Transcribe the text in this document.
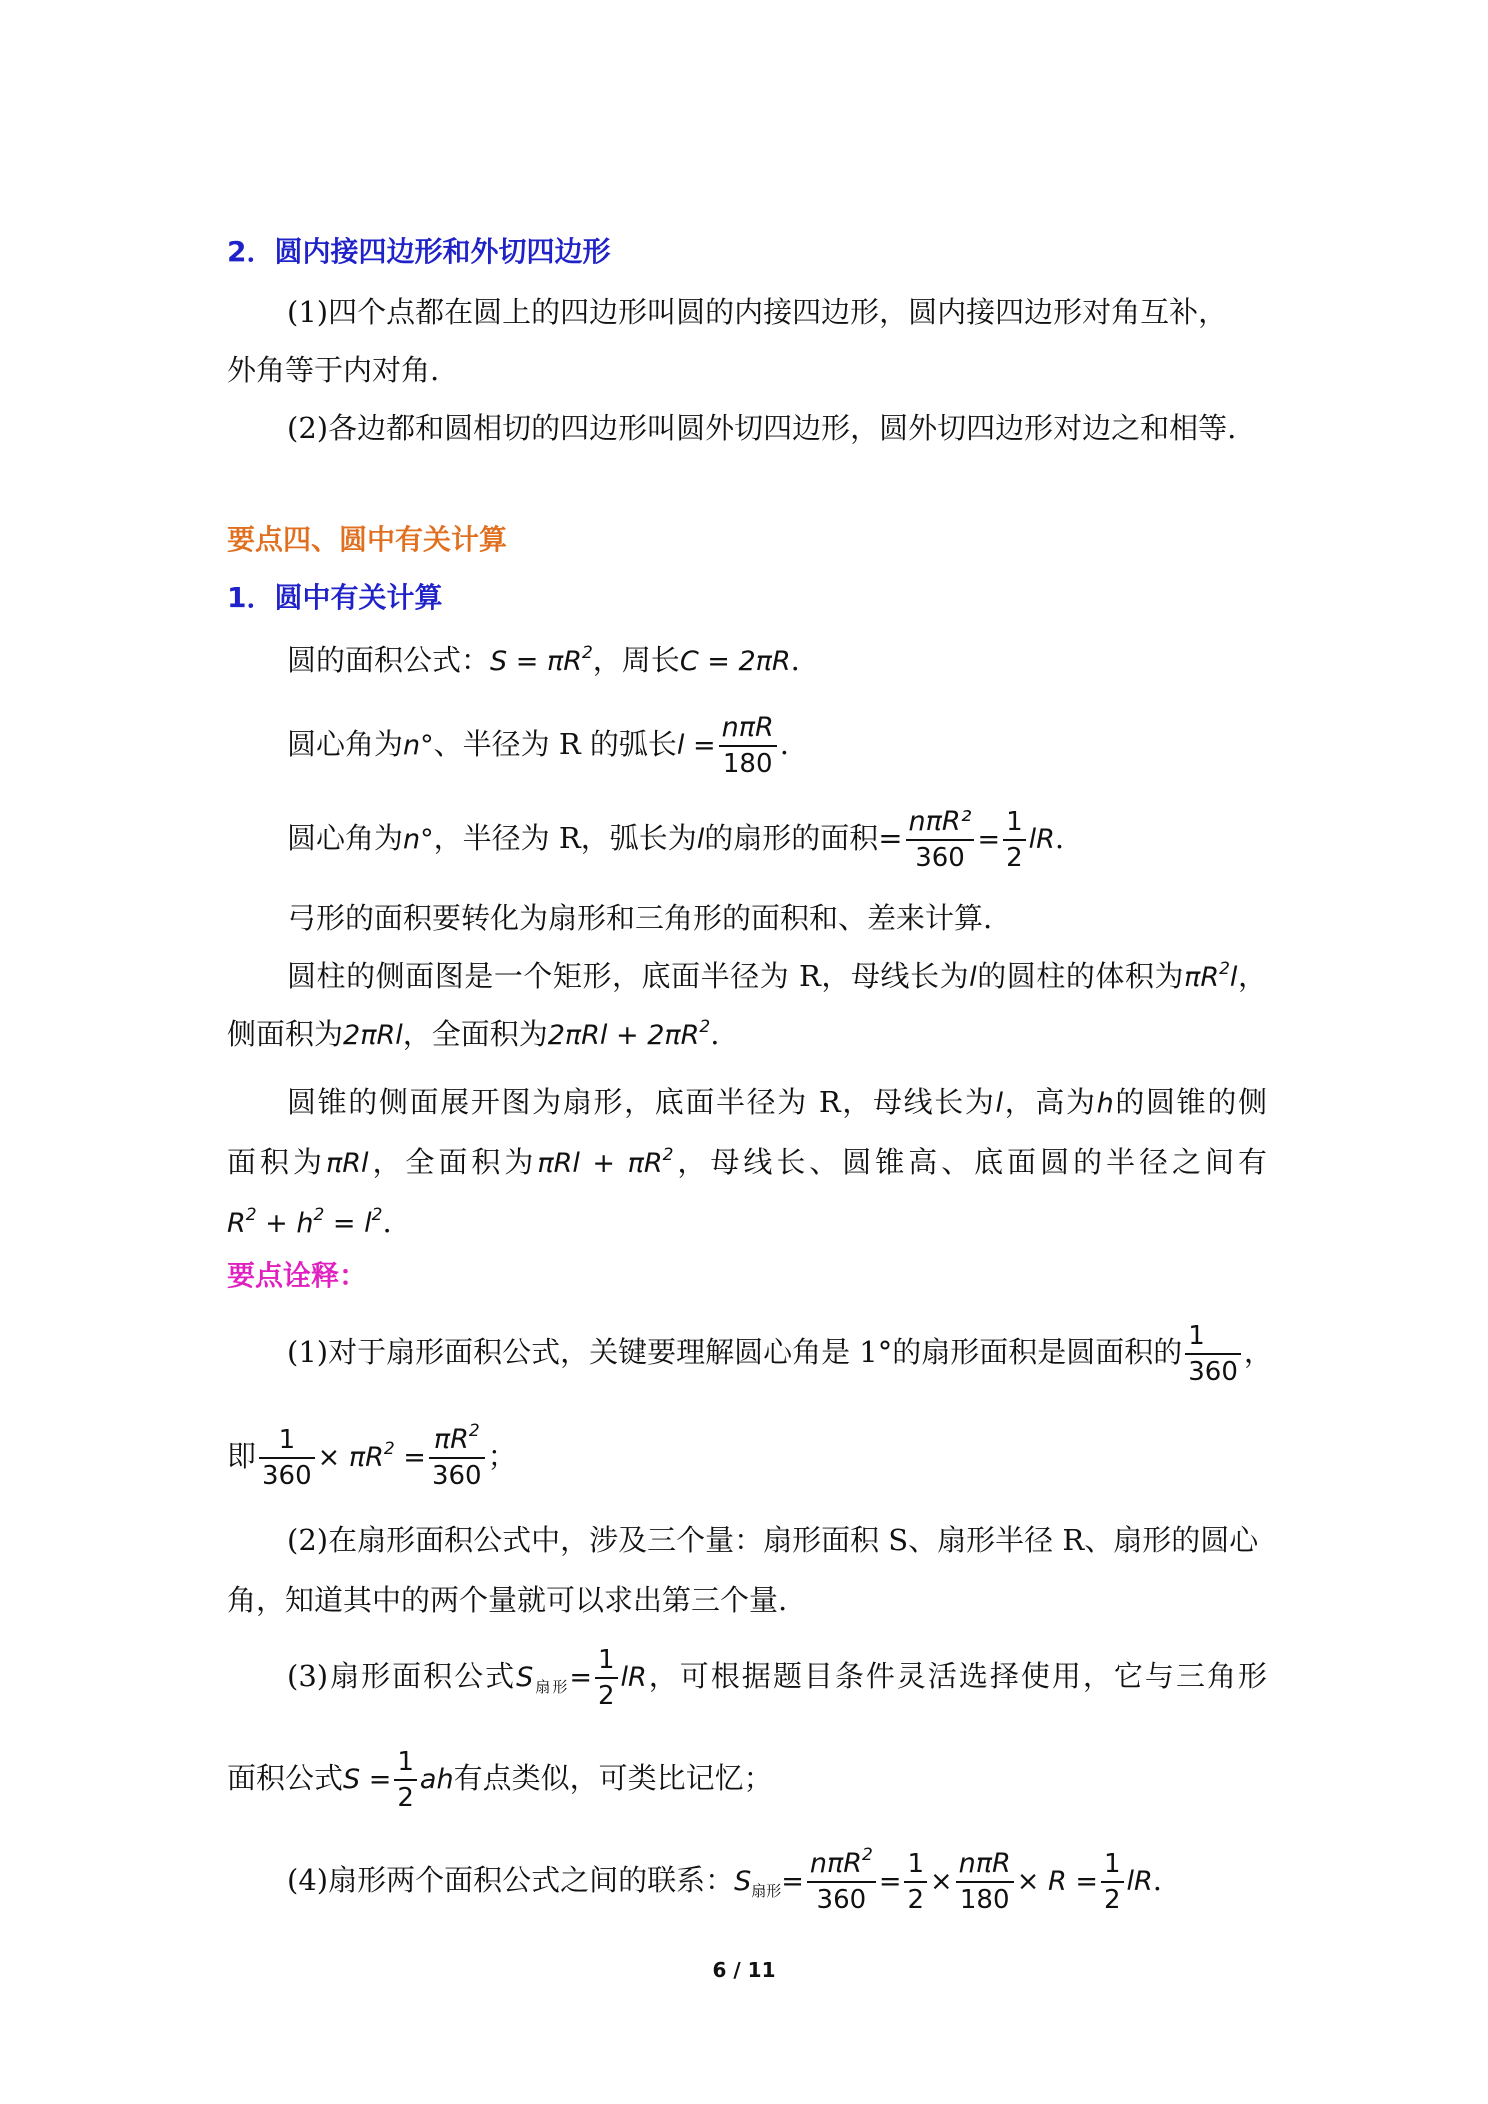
2．圆内接四边形和外切四边形
(1)四个点都在圆上的四边形叫圆的内接四边形，圆内接四边形对角互补，
外角等于内对角.
(2)各边都和圆相切的四边形叫圆外切四边形，圆外切四边形对边之和相等.
要点四、圆中有关计算
1．圆中有关计算
圆的面积公式：$S = \pi R^2$，周长C = 2πR.
圆心角为n°、半径为 R 的弧长$l = \frac{\text{nπR}}{180}$ .
圆心角为n°，半径为 R，弧长为l的扇形的面积= $\frac{\text{nπR²}}{360} = \frac{1}{2}$ lR.
弓形的面积要转化为扇形和三角形的面积和、差来计算.
圆柱的侧面图是一个矩形，底面半径为 R，母线长为l的圆柱的体积为$\pi R^2l$，
侧面积为2πRl，全面积为$2\pi Rl + 2\pi R^2$.
圆锥的侧面展开图为扇形，底面半径为 R，母线长为l，高为h的圆锥的侧
面积为πRl，全面积为$\pi Rl + \pi R^2$，母线长、圆锥高、底面圆的半径之间有
$R^2 + h^2 = l^2$.
要点诠释：
(1)对于扇形面积公式，关键要理解圆心角是 1°的扇形面积是圆面积的 $\frac{1}{360}$ ，
即 $\frac{1}{360} \times \pi R^2 = \frac{\pi R^2}{360}$ ；
(2)在扇形面积公式中，涉及三个量：扇形面积 S、扇形半径 R、扇形的圆心
角，知道其中的两个量就可以求出第三个量.
(3)扇形面积公式$S_{扇形}= \frac{1}{2}$ lR，可根据题目条件灵活选择使用，它与三角形
面积公式$S = \frac{1}{2}$ ah有点类似，可类比记忆；
(4)扇形两个面积公式之间的联系：$S_{扇形}= \frac{n\pi R^2}{360} = \frac{1}{2} \times \frac{\text{nπR}}{180} \times R = \frac{1}{2}$ lR.
6 / 11
